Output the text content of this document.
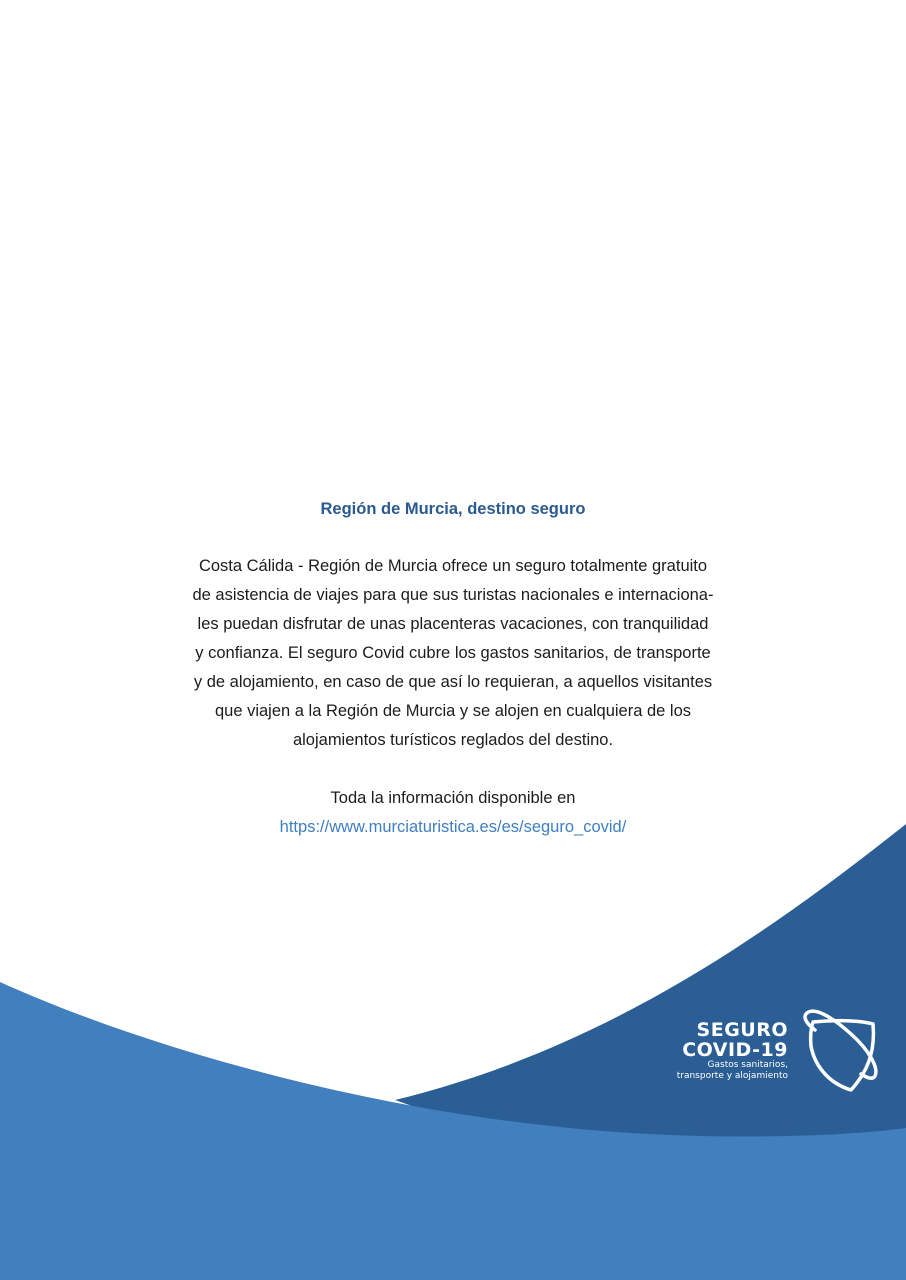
Región de Murcia, destino seguro

Costa Cálida - Región de Murcia ofrece un seguro totalmente gratuito
de asistencia de viajes para que sus turistas nacionales e internaciona-
les puedan disfrutar de unas placenteras vacaciones, con tranquilidad
y confianza. El seguro Covid cubre los gastos sanitarios, de transporte
y de alojamiento, en caso de que así lo requieran, a aquellos visitantes
que viajen a la Región de Murcia y se alojen en cualquiera de los
alojamientos turísticos reglados del destino.

Toda la información disponible en
https://www.murciaturistica.es/es/seguro_covid/
SEGURO
COVID-19
Gastos sanitarios,
transporte y alojamiento
